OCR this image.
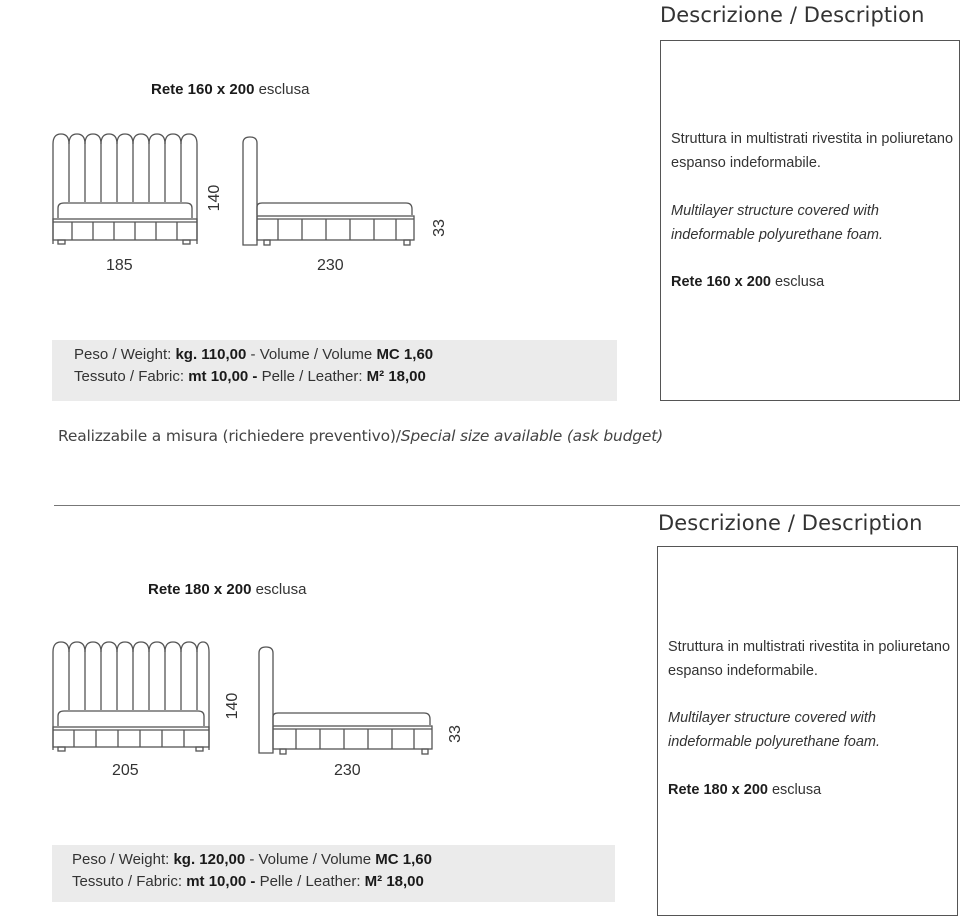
Rete 160 x 200 esclusa
185
140
230
33
Peso / Weight: kg. 110,00 - Volume / Volume MC 1,60
Tessuto / Fabric: mt 10,00 - Pelle / Leather: M² 18,00
Realizzabile a misura (richiedere preventivo)/Special size available (ask budget)
Descrizione / Description
Struttura in multistrati rivestita in poliuretano espanso indeformabile.
Multilayer structure covered with indeformable polyurethane foam.
Rete 160 x 200 esclusa
Rete 180 x 200 esclusa
205
140
230
33
Peso / Weight: kg. 120,00 - Volume / Volume MC 1,60
Tessuto / Fabric: mt 10,00 - Pelle / Leather: M² 18,00
Descrizione / Description
Struttura in multistrati rivestita in poliuretano espanso indeformabile.
Multilayer structure covered with indeformable polyurethane foam.
Rete 180 x 200 esclusa
